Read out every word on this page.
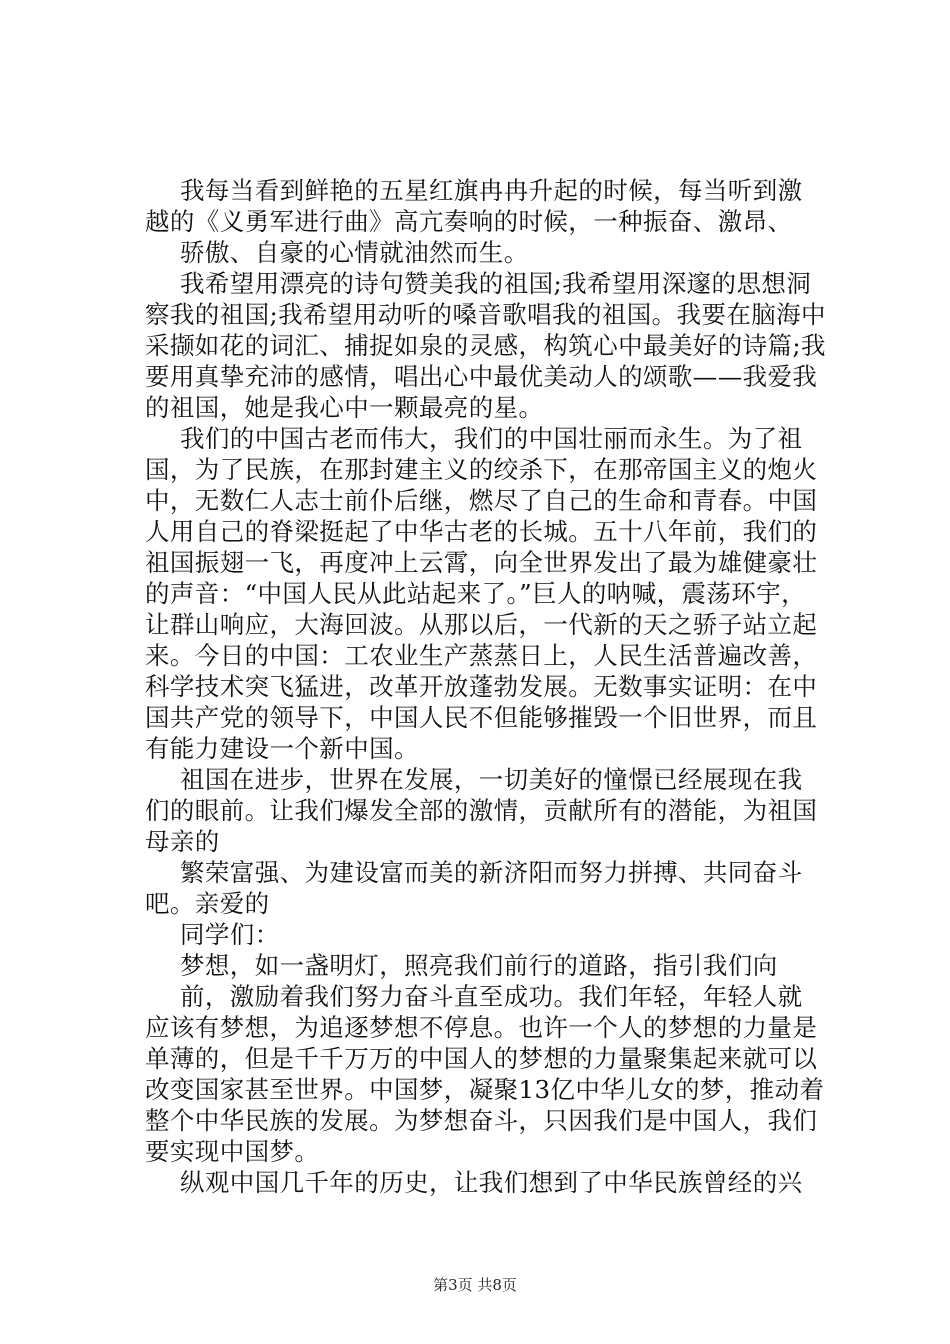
我每当看到鲜艳的五星红旗冉冉升起的时候，每当听到激
越的《义勇军进行曲》高亢奏响的时候，一种振奋、激昂、
骄傲、自豪的心情就油然而生。
我希望用漂亮的诗句赞美我的祖国;我希望用深邃的思想洞
察我的祖国;我希望用动听的嗓音歌唱我的祖国。我要在脑海中
采撷如花的词汇、捕捉如泉的灵感，构筑心中最美好的诗篇;我
要用真挚充沛的感情，唱出心中最优美动人的颂歌——我爱我
的祖国，她是我心中一颗最亮的星。
我们的中国古老而伟大，我们的中国壮丽而永生。为了祖
国，为了民族，在那封建主义的绞杀下，在那帝国主义的炮火
中，无数仁人志士前仆后继，燃尽了自己的生命和青春。中国
人用自己的脊梁挺起了中华古老的长城。五十八年前，我们的
祖国振翅一飞，再度冲上云霄，向全世界发出了最为雄健豪壮
的声音：“中国人民从此站起来了。”巨人的呐喊，震荡环宇，
让群山响应，大海回波。从那以后，一代新的天之骄子站立起
来。今日的中国：工农业生产蒸蒸日上，人民生活普遍改善，
科学技术突飞猛进，改革开放蓬勃发展。无数事实证明：在中
国共产党的领导下，中国人民不但能够摧毁一个旧世界，而且
有能力建设一个新中国。
祖国在进步，世界在发展，一切美好的憧憬已经展现在我
们的眼前。让我们爆发全部的激情，贡献所有的潜能，为祖国
母亲的
繁荣富强、为建设富而美的新济阳而努力拼搏、共同奋斗
吧。亲爱的
同学们：
梦想，如一盏明灯，照亮我们前行的道路，指引我们向
前，激励着我们努力奋斗直至成功。我们年轻，年轻人就
应该有梦想，为追逐梦想不停息。也许一个人的梦想的力量是
单薄的，但是千千万万的中国人的梦想的力量聚集起来就可以
改变国家甚至世界。中国梦，凝聚13亿中华儿女的梦，推动着
整个中华民族的发展。为梦想奋斗，只因我们是中国人，我们
要实现中国梦。
纵观中国几千年的历史，让我们想到了中华民族曾经的兴
第3页 共8页
